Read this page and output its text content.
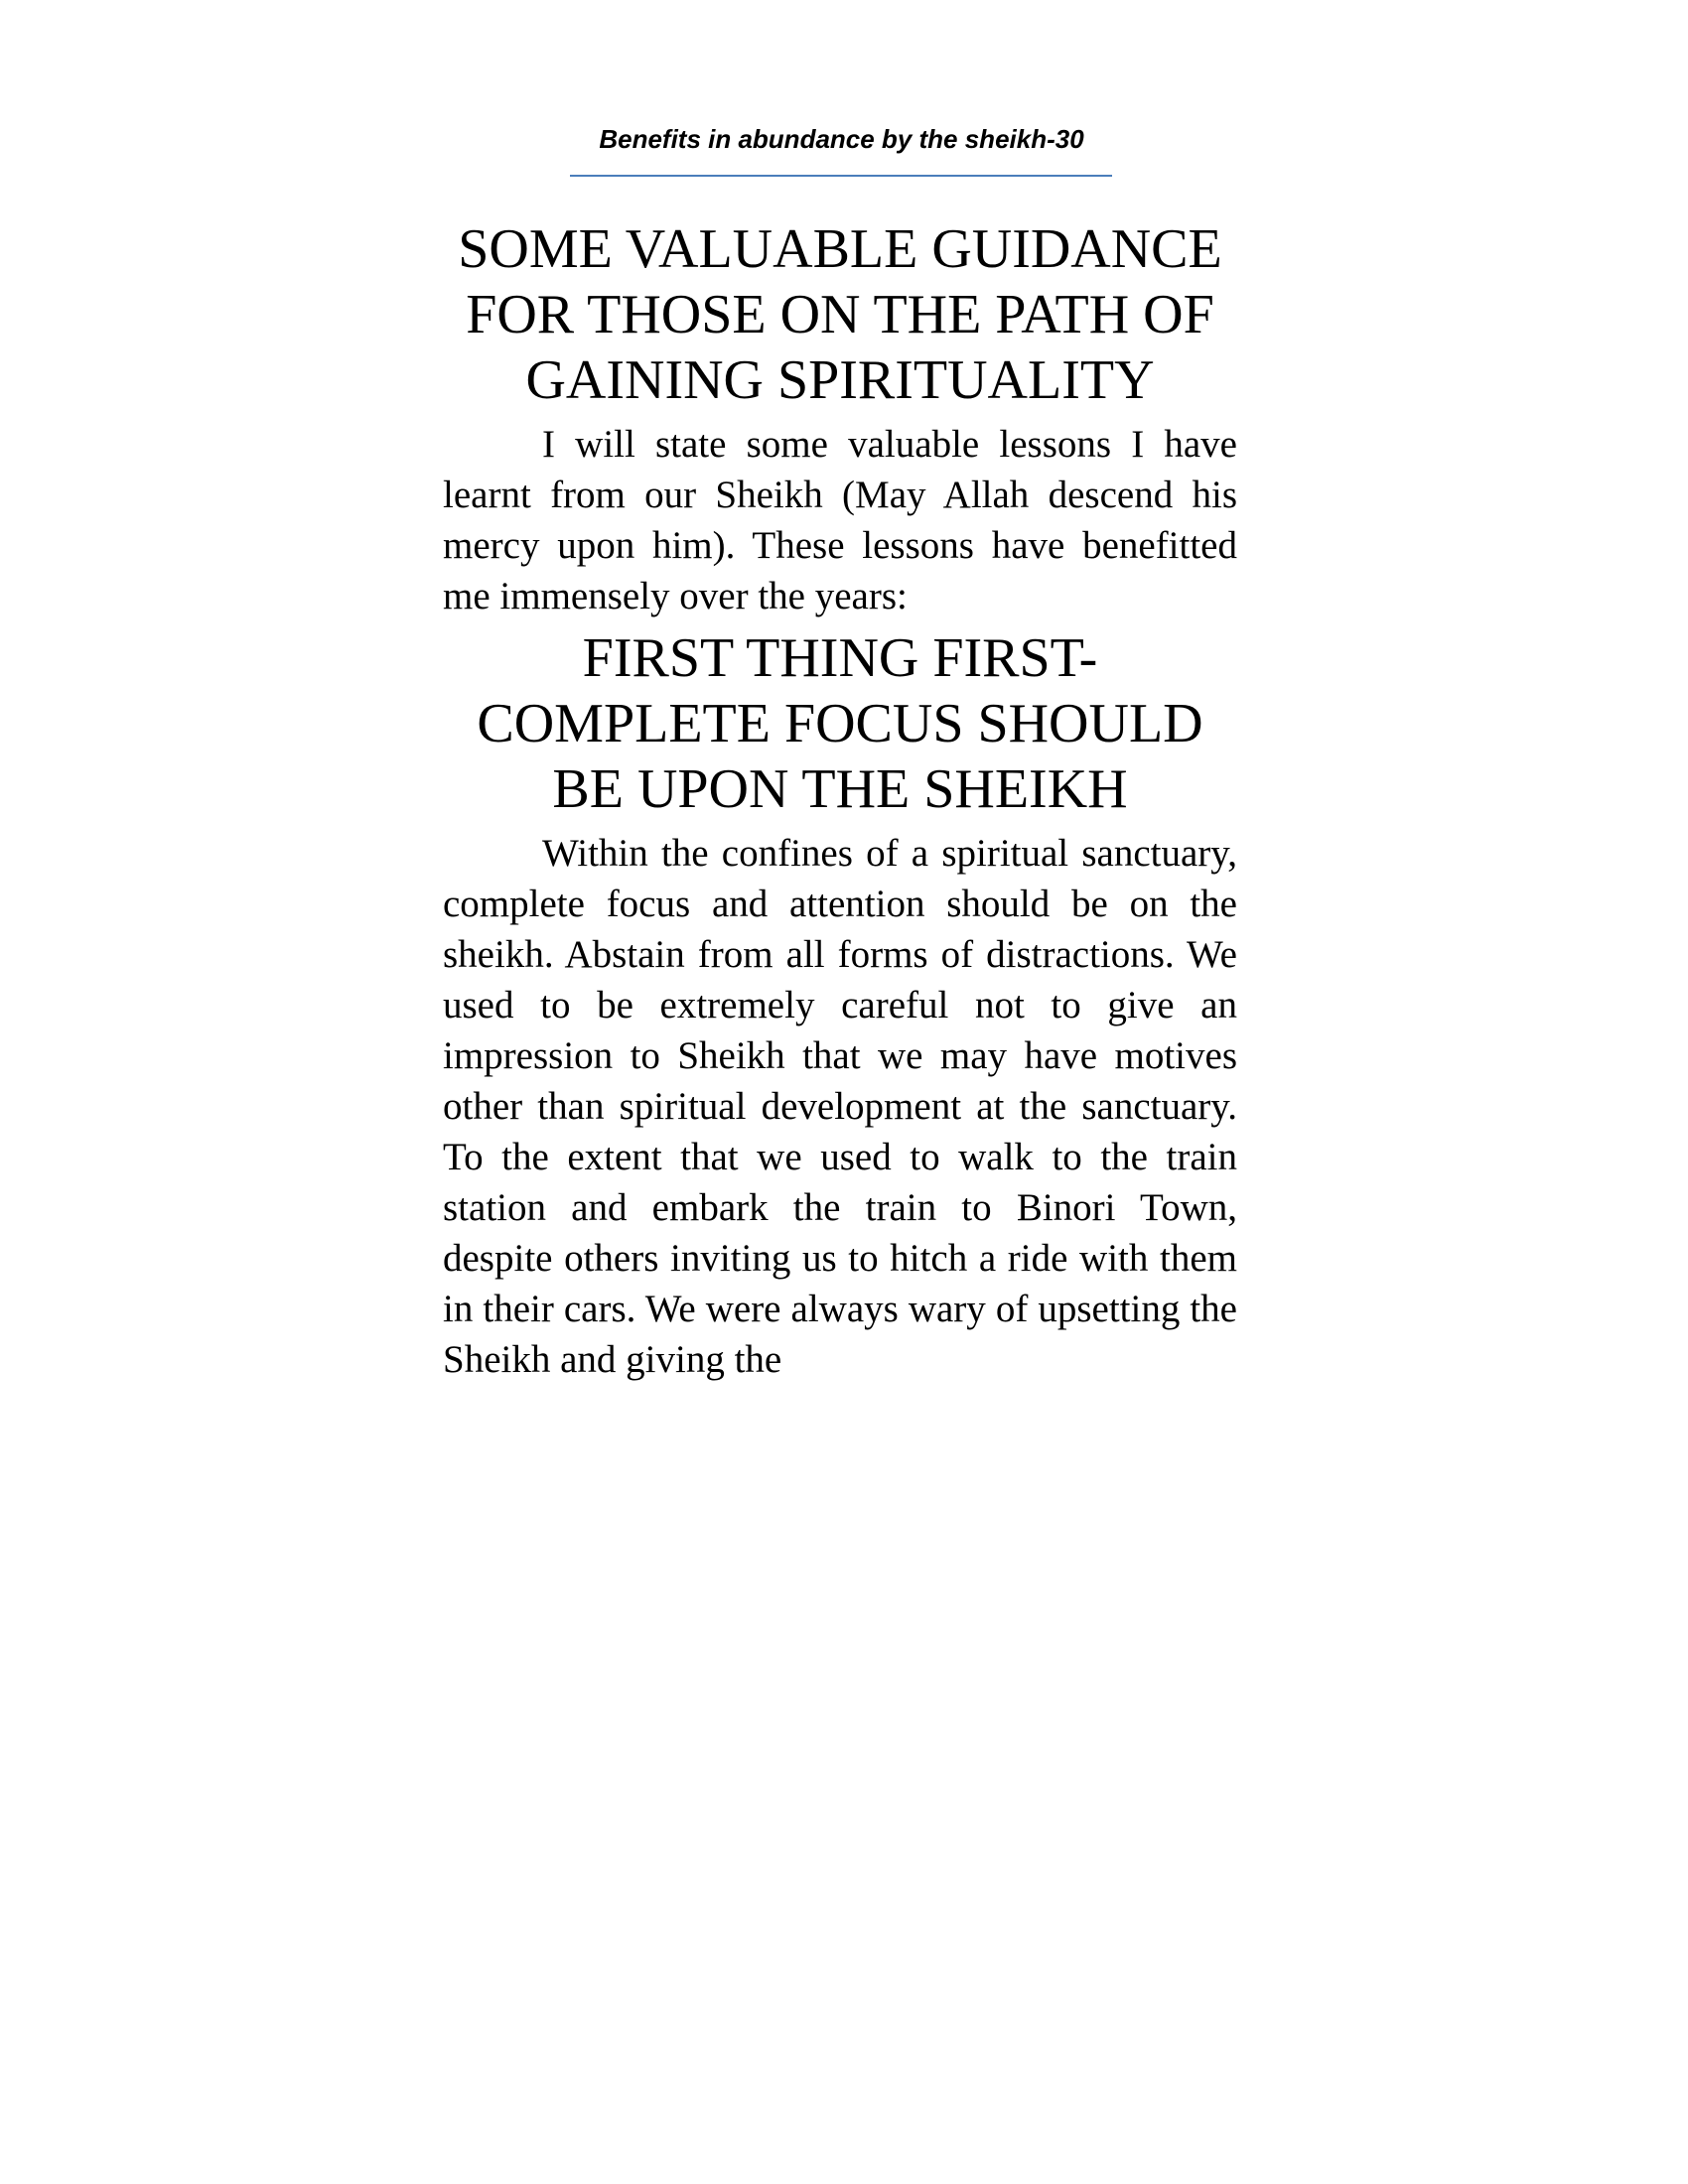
Benefits in abundance by the sheikh-30
SOME VALUABLE GUIDANCE FOR THOSE ON THE PATH OF GAINING SPIRITUALITY

I will state some valuable lessons I have learnt from our Sheikh (May Allah descend his mercy upon him). These lessons have benefitted me immensely over the years:

FIRST THING FIRST-COMPLETE FOCUS SHOULD BE UPON THE SHEIKH

Within the confines of a spiritual sanctuary, complete focus and attention should be on the sheikh. Abstain from all forms of distractions. We used to be extremely careful not to give an impression to Sheikh that we may have motives other than spiritual development at the sanctuary. To the extent that we used to walk to the train station and embark the train to Binori Town, despite others inviting us to hitch a ride with them in their cars. We were always wary of upsetting the Sheikh and giving the
